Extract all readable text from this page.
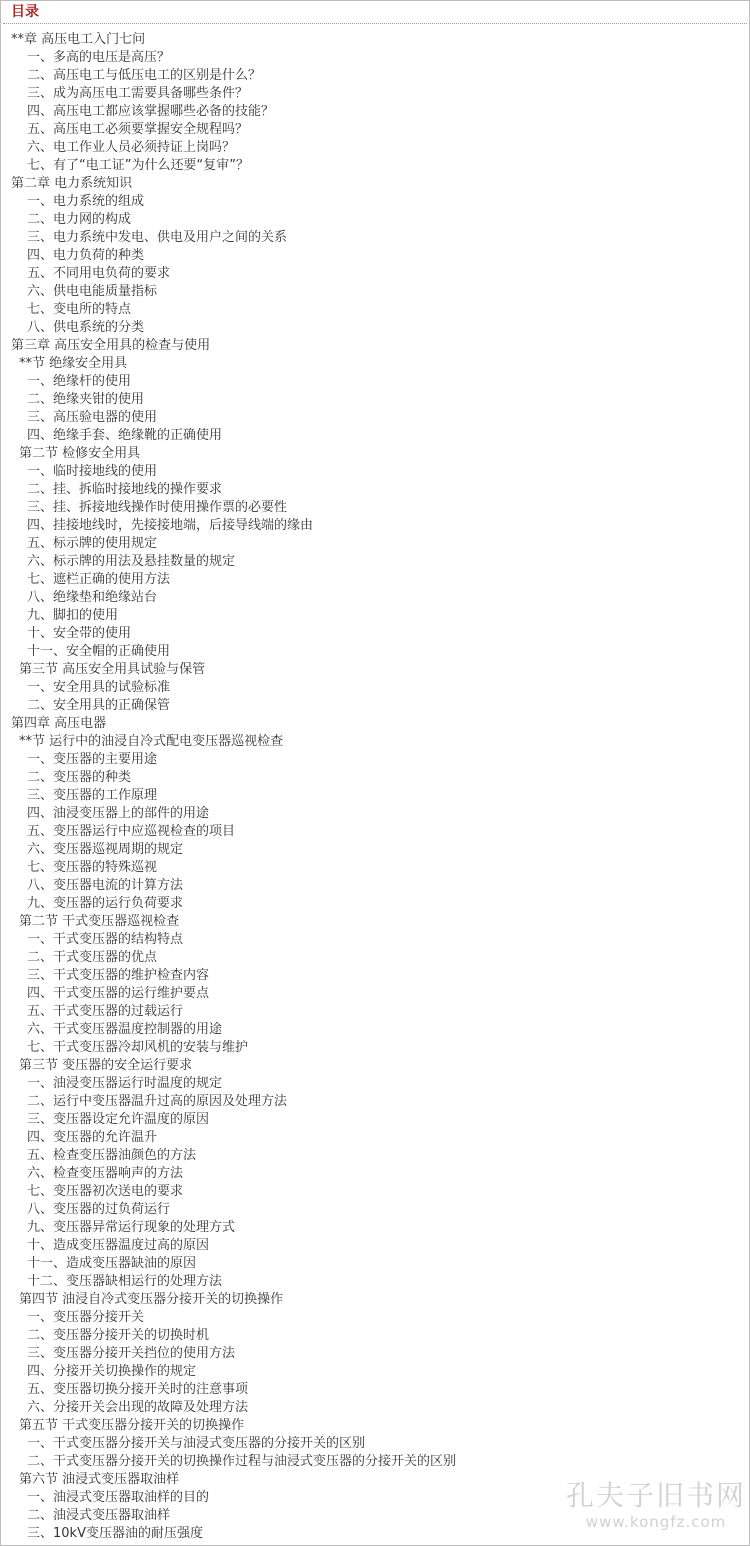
目录
**章 高压电工入门七问
一、多高的电压是高压？
二、高压电工与低压电工的区别是什么？
三、成为高压电工需要具备哪些条件？
四、高压电工都应该掌握哪些必备的技能？
五、高压电工必须要掌握安全规程吗？
六、电工作业人员必须持证上岗吗？
七、有了“电工证”为什么还要“复审”？
第二章 电力系统知识
一、电力系统的组成
二、电力网的构成
三、电力系统中发电、供电及用户之间的关系
四、电力负荷的种类
五、不同用电负荷的要求
六、供电电能质量指标
七、变电所的特点
八、供电系统的分类
第三章 高压安全用具的检查与使用
**节 绝缘安全用具
一、绝缘杆的使用
二、绝缘夹钳的使用
三、高压验电器的使用
四、绝缘手套、绝缘靴的正确使用
第二节 检修安全用具
一、临时接地线的使用
二、挂、拆临时接地线的操作要求
三、挂、拆接地线操作时使用操作票的必要性
四、挂接地线时，先接接地端，后接导线端的缘由
五、标示牌的使用规定
六、标示牌的用法及悬挂数量的规定
七、遮栏正确的使用方法
八、绝缘垫和绝缘站台
九、脚扣的使用
十、安全带的使用
十一、安全帽的正确使用
第三节 高压安全用具试验与保管
一、安全用具的试验标准
二、安全用具的正确保管
第四章 高压电器
**节 运行中的油浸自冷式配电变压器巡视检查
一、变压器的主要用途
二、变压器的种类
三、变压器的工作原理
四、油浸变压器上的部件的用途
五、变压器运行中应巡视检查的项目
六、变压器巡视周期的规定
七、变压器的特殊巡视
八、变压器电流的计算方法
九、变压器的运行负荷要求
第二节 干式变压器巡视检查
一、干式变压器的结构特点
二、干式变压器的优点
三、干式变压器的维护检查内容
四、干式变压器的运行维护要点
五、干式变压器的过载运行
六、干式变压器温度控制器的用途
七、干式变压器冷却风机的安装与维护
第三节 变压器的安全运行要求
一、油浸变压器运行时温度的规定
二、运行中变压器温升过高的原因及处理方法
三、变压器设定允许温度的原因
四、变压器的允许温升
五、检查变压器油颜色的方法
六、检查变压器响声的方法
七、变压器初次送电的要求
八、变压器的过负荷运行
九、变压器异常运行现象的处理方式
十、造成变压器温度过高的原因
十一、造成变压器缺油的原因
十二、变压器缺相运行的处理方法
第四节 油浸自冷式变压器分接开关的切换操作
一、变压器分接开关
二、变压器分接开关的切换时机
三、变压器分接开关挡位的使用方法
四、分接开关切换操作的规定
五、变压器切换分接开关时的注意事项
六、分接开关会出现的故障及处理方法
第五节 干式变压器分接开关的切换操作
一、干式变压器分接开关与油浸式变压器的分接开关的区别
二、干式变压器分接开关的切换操作过程与油浸式变压器的分接开关的区别
第六节 油浸式变压器取油样
一、油浸式变压器取油样的目的
二、油浸式变压器取油样
三、10kV变压器油的耐压强度
孔夫子旧书网
www.kongfz.com
